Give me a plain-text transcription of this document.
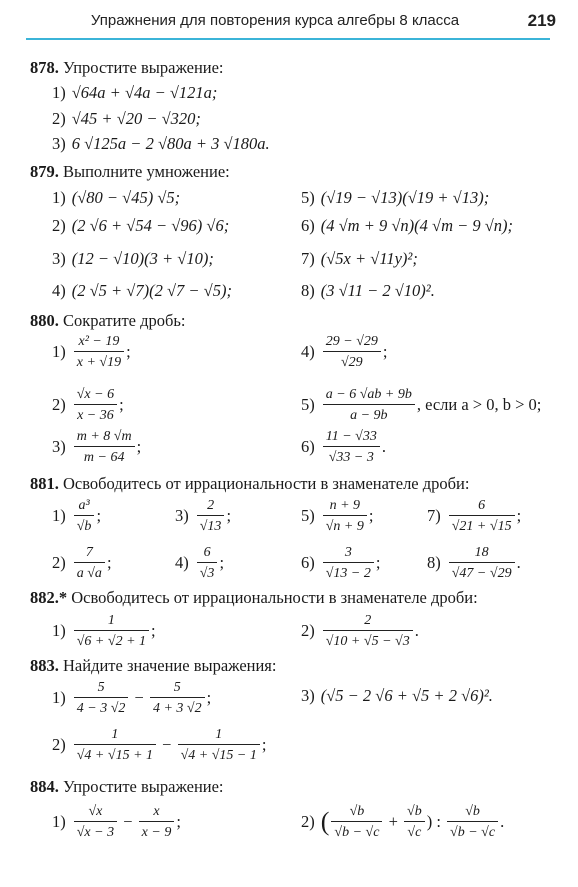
Упражнения для повторения курса алгебры 8 класса	219
878. Упростите выражение:
1) √64a + √4a − √121a;
2) √45 + √20 − √320;
3) 6 √125a − 2 √80a + 3 √180a.
879. Выполните умножение:
1) (√80 − √45) √5;
2) (2 √6 + √54 − √96) √6;
3) (12 − √10)(3 + √10);
4) (2 √5 + √7)(2 √7 − √5);
5) (√19 − √13)(√19 + √13);
6) (4 √m + 9 √n)(4 √m − 9 √n);
7) (√5x + √11y)²;
8) (3 √11 − 2 √10)².
880. Сократите дробь:
$1) \frac{\text{x² − 19}}{x + √19}$ ;
$2) \frac{√x - 6}{x - 36}$ ;
$3) \frac{m + 8 √m}{m - 64}$ ;
$4) \frac{29 - √29}{√29}$ ;
$5) \frac{a - 6 √ab + 9b}{a - 9b}$ , если a > 0, b > 0;
$6) \frac{11 - √33}{√33 - 3}$ .
881. Освободитесь от иррациональности в знаменателе дроби:
$1) \frac{\text{a³}}{√b}$ ;
$2) \frac{7}{a √a}$ ;
$3) \frac{2}{√13}$ ;
$4) \frac{6}{√3}$ ;
$5) \frac{n + 9}{√n + 9}$ ;
$6) \frac{3}{√13 - 2}$ ;
$7) \frac{6}{√21 + √15}$ ;
$8) \frac{18}{√47 - √29}$ .
882.* Освободитесь от иррациональности в знаменателе дроби:
$1) \frac{1}{√6 + √2 + 1}$ ;	$2) \frac{2}{√10 + √5 - √3}$ .
883. Найдите значение выражения:
$1) \frac{5}{4 - 3 √2} - \frac{5}{4 + 3 √2}$ ;
$2) \frac{1}{√4 + √15 + 1} - \frac{1}{√4 + √15 - 1}$ ;
3) (√5 − 2 √6 + √5 + 2 √6)².
884. Упростите выражение:
$1) \frac{√x}{√x - 3} - \frac{x}{x - 9}$ ;	2) ( $\frac{√b}{√b - √c} + \frac{√b}{√c}$ ) : $\frac{√b}{√b - √c}$ .
